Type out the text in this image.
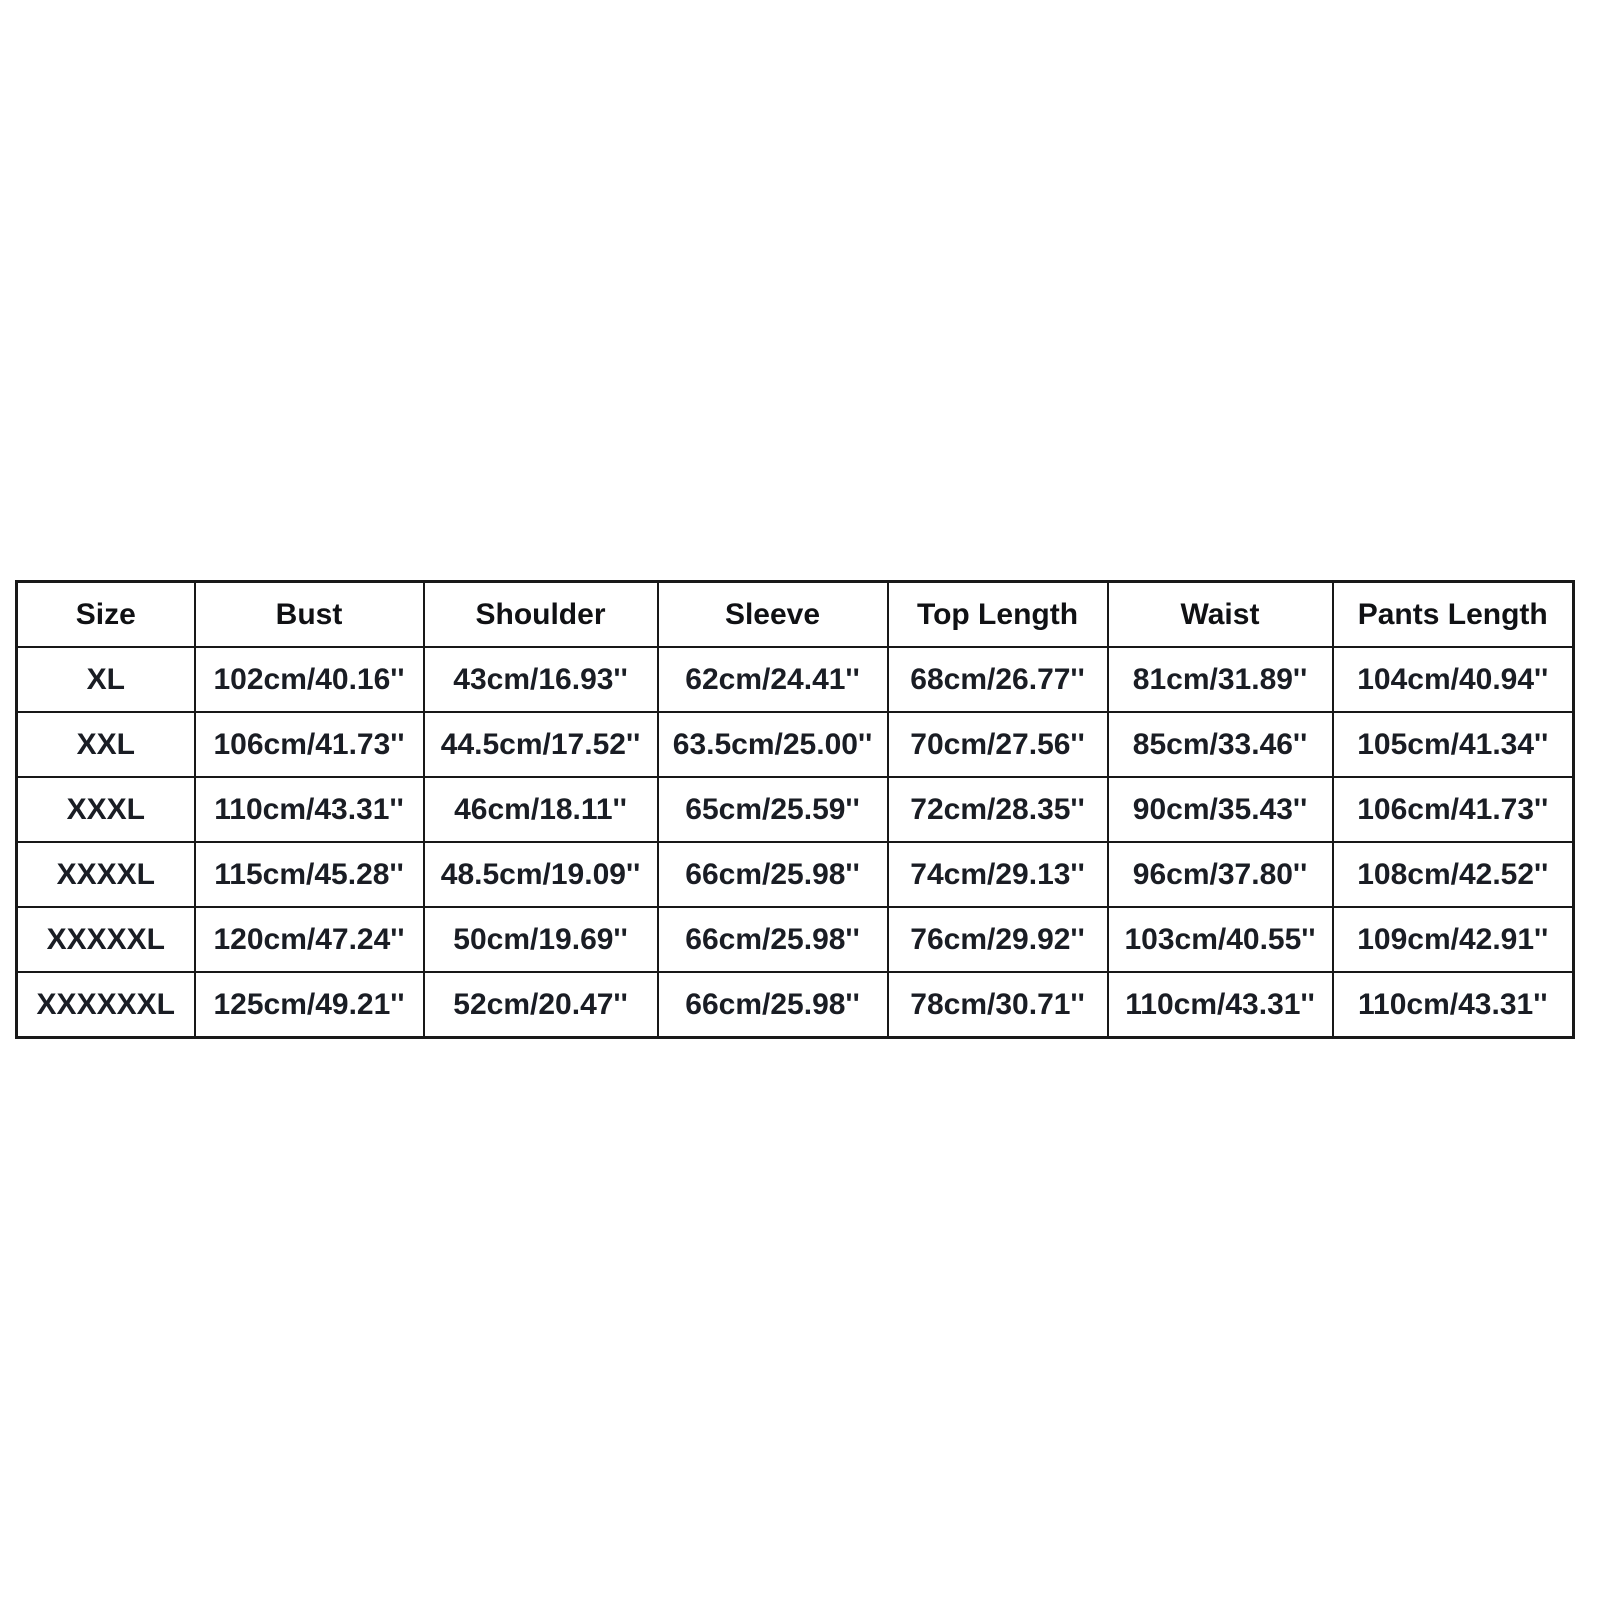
Size	Bust	Shoulder	Sleeve	Top Length	Waist	Pants Length
XL	102cm/40.16''	43cm/16.93''	62cm/24.41''	68cm/26.77''	81cm/31.89''	104cm/40.94''
XXL	106cm/41.73''	44.5cm/17.52''	63.5cm/25.00''	70cm/27.56''	85cm/33.46''	105cm/41.34''
XXXL	110cm/43.31''	46cm/18.11''	65cm/25.59''	72cm/28.35''	90cm/35.43''	106cm/41.73''
XXXXL	115cm/45.28''	48.5cm/19.09''	66cm/25.98''	74cm/29.13''	96cm/37.80''	108cm/42.52''
XXXXXL	120cm/47.24''	50cm/19.69''	66cm/25.98''	76cm/29.92''	103cm/40.55''	109cm/42.91''
XXXXXXL	125cm/49.21''	52cm/20.47''	66cm/25.98''	78cm/30.71''	110cm/43.31''	110cm/43.31''
